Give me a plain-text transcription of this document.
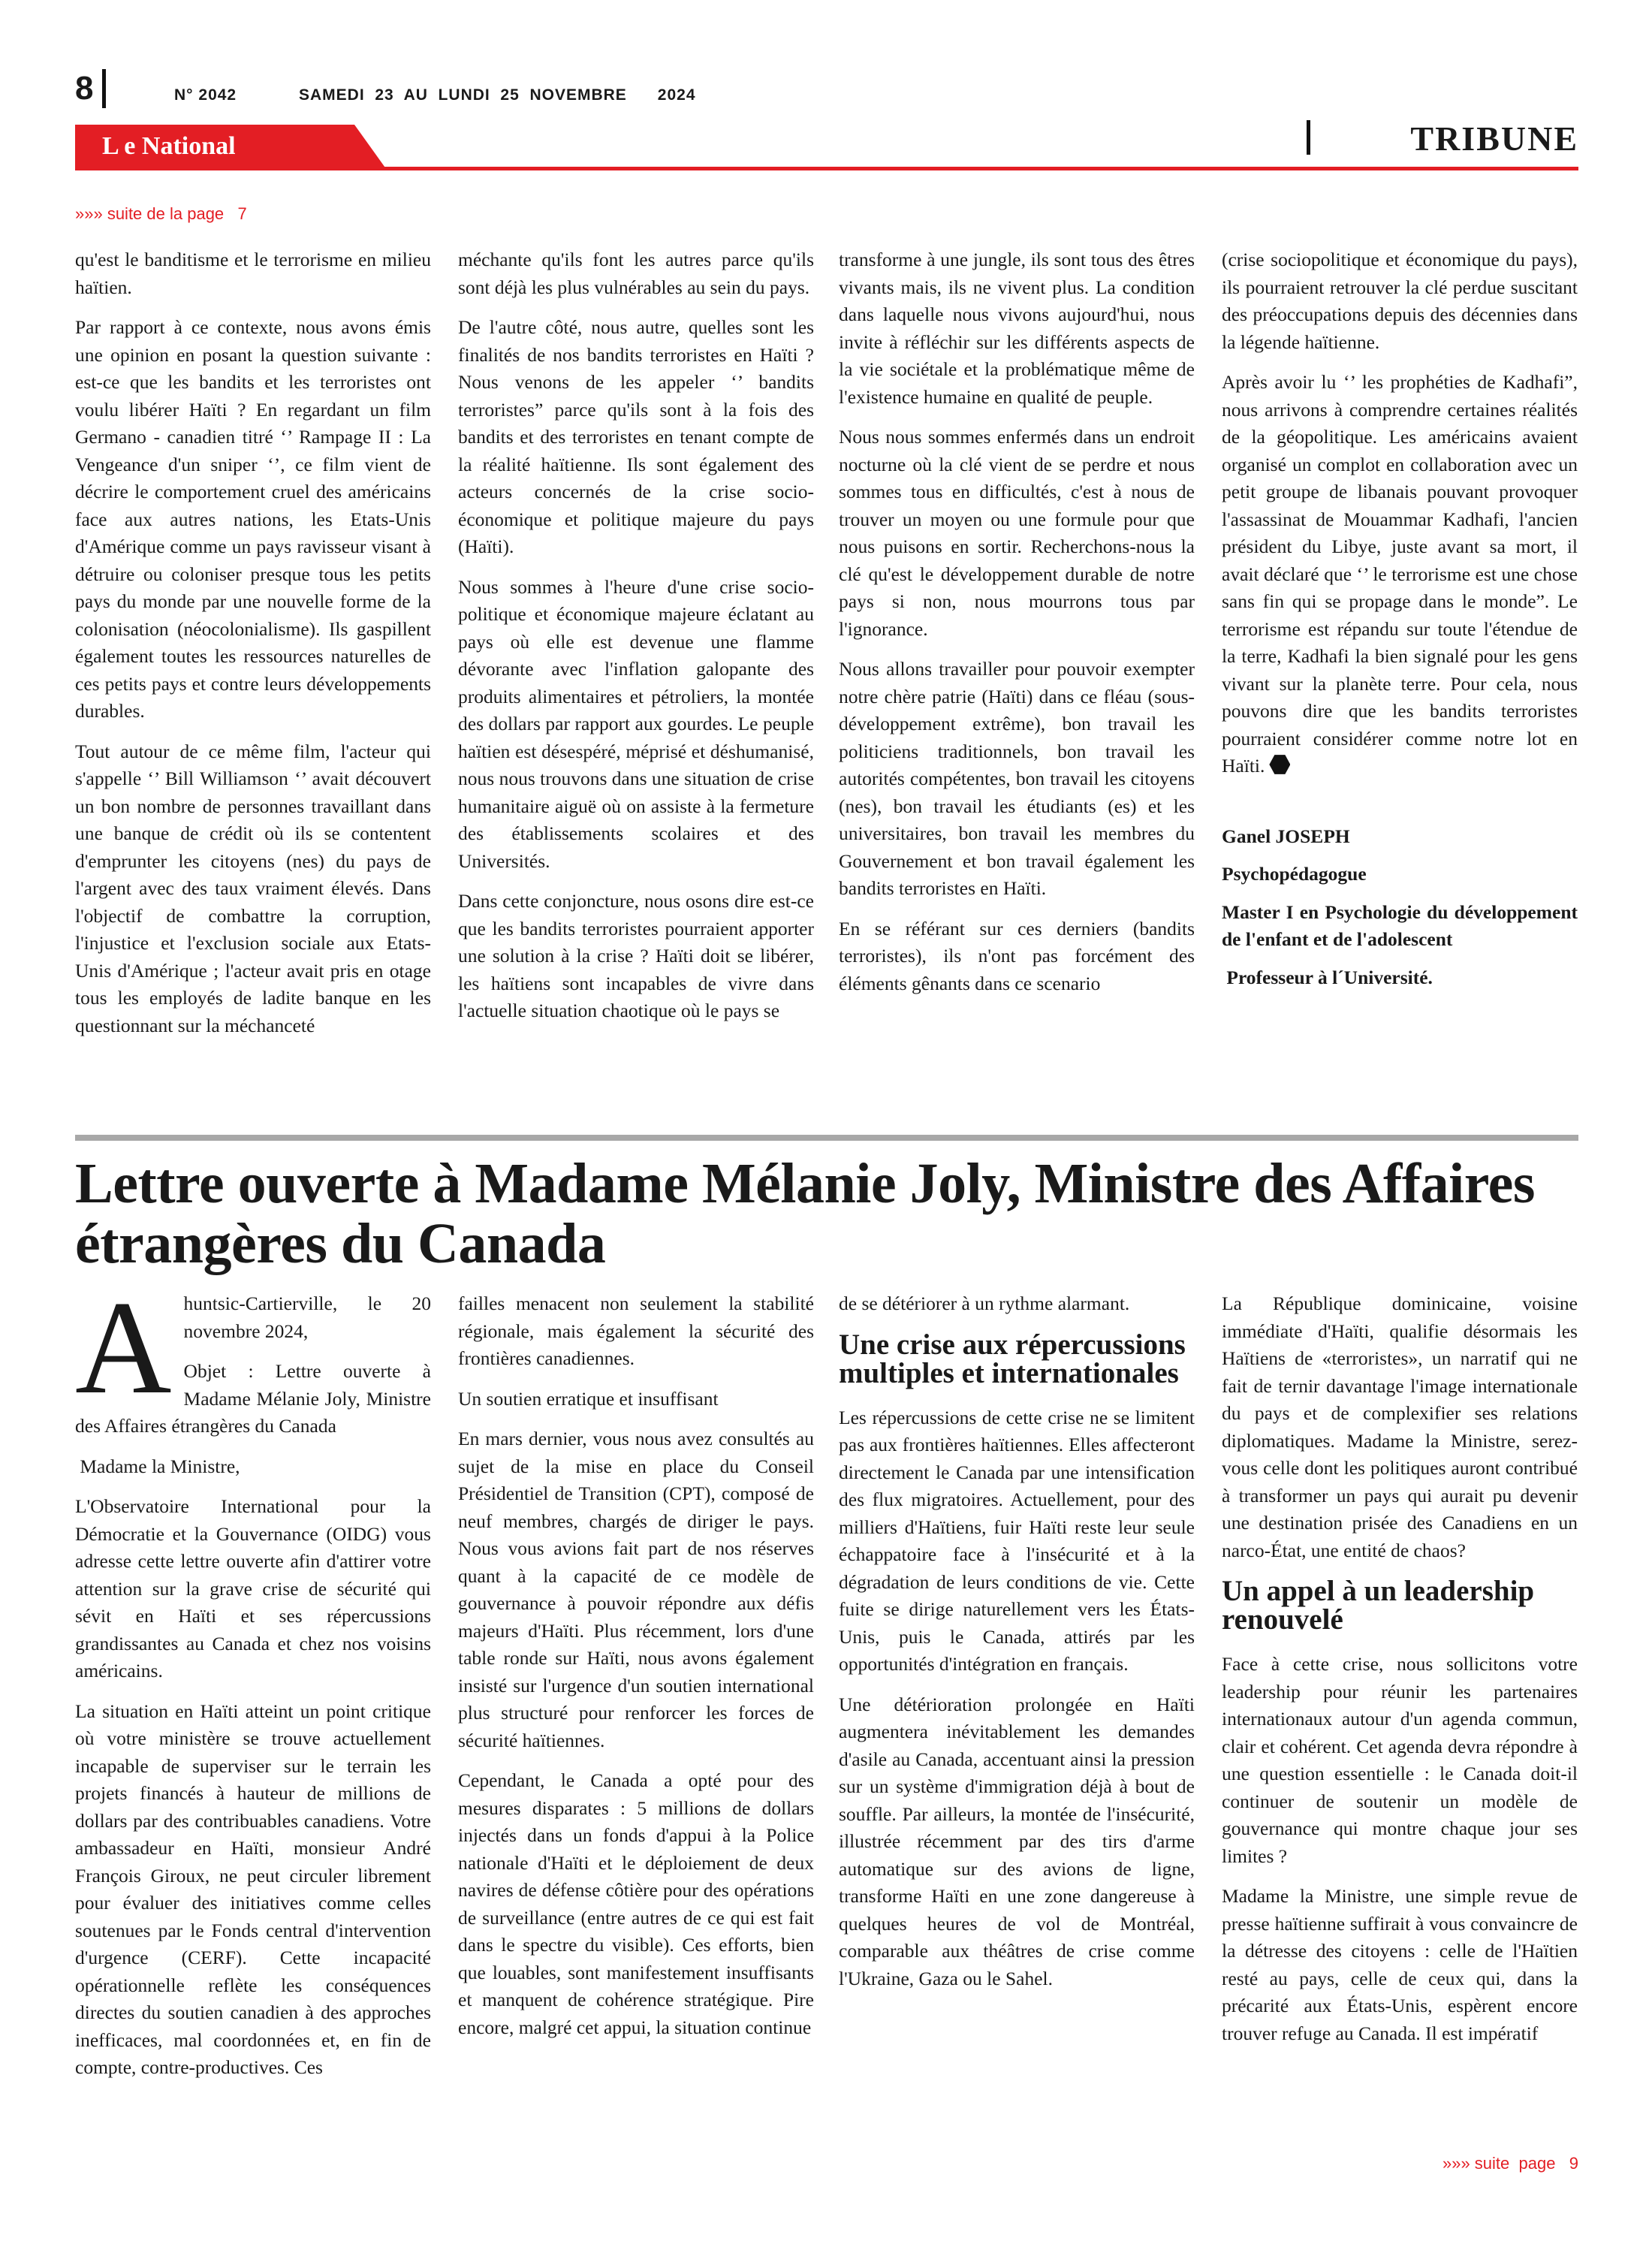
8	N° 2042	SAMEDI  23  AU  LUNDI  25  NOVEMBRE      2024
L e National	TRIBUNE
»»» suite de la page   7

qu'est le banditisme et le terrorisme en milieu haïtien.

Par rapport à ce contexte, nous avons émis une opinion en posant la question suivante : est-ce que les bandits et les terroristes ont voulu libérer Haïti ? En regardant un film Germano - canadien titré ‘’ Rampage II : La Vengeance d'un sniper ‘’, ce film vient de décrire le comportement cruel des américains face aux autres nations, les Etats-Unis d'Amérique comme un pays ravisseur visant à détruire ou coloniser presque tous les petits pays du monde par une nouvelle forme de la colonisation (néocolonialisme). Ils gaspillent également toutes les ressources naturelles de ces petits pays et contre leurs développements durables.

Tout autour de ce même film, l'acteur qui s'appelle ‘’ Bill Williamson ‘’ avait découvert un bon nombre de personnes travaillant dans une banque de crédit où ils se contentent d'emprunter les citoyens (nes) du pays de l'argent avec des taux vraiment élevés. Dans l'objectif de combattre la corruption, l'injustice et l'exclusion sociale aux Etats- Unis d'Amérique ; l'acteur avait pris en otage tous les employés de ladite banque en les questionnant sur la méchanceté

méchante qu'ils font les autres parce qu'ils sont déjà les plus vulnérables au sein du pays.

De l'autre côté, nous autre, quelles sont les finalités de nos bandits terroristes en Haïti ? Nous venons de les appeler ‘’ bandits terroristes” parce qu'ils sont à la fois des bandits et des terroristes en tenant compte de la réalité haïtienne. Ils sont également des acteurs concernés de la crise socio-économique et politique majeure du pays (Haïti).

Nous sommes à l'heure d'une crise socio-politique et économique majeure éclatant au pays où elle est devenue une flamme dévorante avec l'inflation galopante des produits alimentaires et pétroliers, la montée des dollars par rapport aux gourdes. Le peuple haïtien est désespéré, méprisé et déshumanisé, nous nous trouvons dans une situation de crise humanitaire aiguë où on assiste à la fermeture des établissements scolaires et des Universités.

Dans cette conjoncture, nous osons dire est-ce que les bandits terroristes pourraient apporter une solution à la crise ? Haïti doit se libérer, les haïtiens sont incapables de vivre dans l'actuelle situation chaotique où le pays se

transforme à une jungle, ils sont tous des êtres vivants mais, ils ne vivent plus. La condition dans laquelle nous vivons aujourd'hui, nous invite à réfléchir sur les différents aspects de la vie sociétale et la problématique même de l'existence humaine en qualité de peuple.

Nous nous sommes enfermés dans un endroit nocturne où la clé vient de se perdre et nous sommes tous en difficultés, c'est à nous de trouver un moyen ou une formule pour que nous puisons en sortir. Recherchons-nous la clé qu'est le développement durable de notre pays si non, nous mourrons tous par l'ignorance.

Nous allons travailler pour pouvoir exempter notre chère patrie (Haïti) dans ce fléau (sous-développement extrême), bon travail les politiciens traditionnels, bon travail les autorités compétentes, bon travail les citoyens (nes), bon travail les étudiants (es) et les universitaires, bon travail les membres du Gouvernement et bon travail également les bandits terroristes en Haïti.

En se référant sur ces derniers (bandits terroristes), ils n'ont pas forcément des éléments gênants dans ce scenario

(crise sociopolitique et économique du pays), ils pourraient retrouver la clé perdue suscitant des préoccupations depuis des décennies dans la légende haïtienne.

Après avoir lu ‘’ les prophéties de Kadhafi”, nous arrivons à comprendre certaines réalités de la géopolitique. Les américains avaient organisé un complot en collaboration avec un petit groupe de libanais pouvant provoquer l'assassinat de Mouammar Kadhafi, l'ancien président du Libye, juste avant sa mort, il avait déclaré que ‘’ le terrorisme est une chose sans fin qui se propage dans le monde”. Le terrorisme est répandu sur toute l'étendue de la terre, Kadhafi la bien signalé pour les gens vivant sur la planète terre. Pour cela, nous pouvons dire que les bandits terroristes pourraient considérer comme notre lot en Haïti.

Ganel JOSEPH

Psychopédagogue

Master I en Psychologie du développement de l'enfant et de l'adolescent

Professeur à l´Université.

Lettre ouverte à Madame Mélanie Joly, Ministre des Affaires étrangères du Canada
A huntsic-Cartierville, le 20 novembre 2024,

Objet : Lettre ouverte à Madame Mélanie Joly, Ministre des Affaires étrangères du Canada

Madame la Ministre,

L'Observatoire International pour la Démocratie et la Gouvernance (OIDG) vous adresse cette lettre ouverte afin d'attirer votre attention sur la grave crise de sécurité qui sévit en Haïti et ses répercussions grandissantes au Canada et chez nos voisins américains.

La situation en Haïti atteint un point critique où votre ministère se trouve actuellement incapable de superviser sur le terrain les projets financés à hauteur de millions de dollars par des contribuables canadiens. Votre ambassadeur en Haïti, monsieur André François Giroux, ne peut circuler librement pour évaluer des initiatives comme celles soutenues par le Fonds central d'intervention d'urgence (CERF). Cette incapacité opérationnelle reflète les conséquences directes du soutien canadien à des approches inefficaces, mal coordonnées et, en fin de compte, contre-productives. Ces

failles menacent non seulement la stabilité régionale, mais également la sécurité des frontières canadiennes.

Un soutien erratique et insuffisant

En mars dernier, vous nous avez consultés au sujet de la mise en place du Conseil Présidentiel de Transition (CPT), composé de neuf membres, chargés de diriger le pays. Nous vous avions fait part de nos réserves quant à la capacité de ce modèle de gouvernance à pouvoir répondre aux défis majeurs d'Haïti. Plus récemment, lors d'une table ronde sur Haïti, nous avons également insisté sur l'urgence d'un soutien international plus structuré pour renforcer les forces de sécurité haïtiennes.

Cependant, le Canada a opté pour des mesures disparates : 5 millions de dollars injectés dans un fonds d'appui à la Police nationale d'Haïti et le déploiement de deux navires de défense côtière pour des opérations de surveillance (entre autres de ce qui est fait dans le spectre du visible). Ces efforts, bien que louables, sont manifestement insuffisants et manquent de cohérence stratégique. Pire encore, malgré cet appui, la situation continue

de se détériorer à un rythme alarmant.

Une crise aux répercussions multiples et internationales

Les répercussions de cette crise ne se limitent pas aux frontières haïtiennes. Elles affecteront directement le Canada par une intensification des flux migratoires. Actuellement, pour des milliers d'Haïtiens, fuir Haïti reste leur seule échappatoire face à l'insécurité et à la dégradation de leurs conditions de vie. Cette fuite se dirige naturellement vers les États-Unis, puis le Canada, attirés par les opportunités d'intégration en français.

Une détérioration prolongée en Haïti augmentera inévitablement les demandes d'asile au Canada, accentuant ainsi la pression sur un système d'immigration déjà à bout de souffle. Par ailleurs, la montée de l'insécurité, illustrée récemment par des tirs d'arme automatique sur des avions de ligne, transforme Haïti en une zone dangereuse à quelques heures de vol de Montréal, comparable aux théâtres de crise comme l'Ukraine, Gaza ou le Sahel.

La République dominicaine, voisine immédiate d'Haïti, qualifie désormais les Haïtiens de «terroristes», un narratif qui ne fait de ternir davantage l'image internationale du pays et de complexifier ses relations diplomatiques. Madame la Ministre, serez-vous celle dont les politiques auront contribué à transformer un pays qui aurait pu devenir une destination prisée des Canadiens en un narco-État, une entité de chaos?

Un appel à un leadership renouvelé

Face à cette crise, nous sollicitons votre leadership pour réunir les partenaires internationaux autour d'un agenda commun, clair et cohérent. Cet agenda devra répondre à une question essentielle : le Canada doit-il continuer de soutenir un modèle de gouvernance qui montre chaque jour ses limites ?

Madame la Ministre, une simple revue de presse haïtienne suffirait à vous convaincre de la détresse des citoyens : celle de l'Haïtien resté au pays, celle de ceux qui, dans la précarité aux États-Unis, espèrent encore trouver refuge au Canada. Il est impératif

»»» suite  page   9
